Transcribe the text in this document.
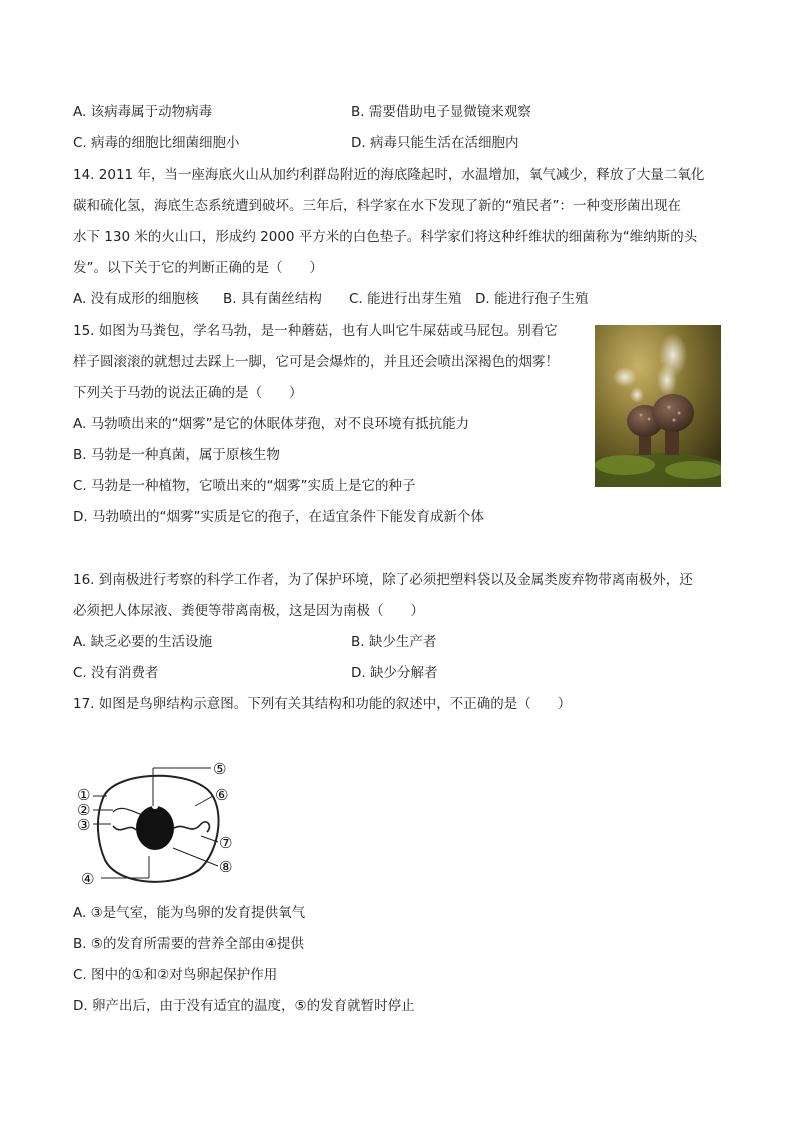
A. 该病毒属于动物病毒	B. 需要借助电子显微镜来观察
C. 病毒的细胞比细菌细胞小	D. 病毒只能生活在活细胞内
14. 2011 年，当一座海底火山从加约利群岛附近的海底隆起时，水温增加，氧气减少，释放了大量二氧化
碳和硫化氢，海底生态系统遭到破坏。三年后，科学家在水下发现了新的“殖民者”：一种变形菌出现在
水下 130 米的火山口，形成约 2000 平方米的白色垫子。科学家们将这种纤维状的细菌称为“维纳斯的头
发”。以下关于它的判断正确的是（　　）
A. 没有成形的细胞核 B. 具有菌丝结构 C. 能进行出芽生殖 D. 能进行孢子生殖
15. 如图为马粪包，学名马勃，是一种蘑菇，也有人叫它牛屎菇或马屁包。别看它
样子圆滚滚的就想过去踩上一脚，它可是会爆炸的，并且还会喷出深褐色的烟雾！
下列关于马勃的说法正确的是（　　）
A. 马勃喷出来的“烟雾”是它的休眠体芽孢，对不良环境有抵抗能力
B. 马勃是一种真菌，属于原核生物
C. 马勃是一种植物，它喷出来的“烟雾”实质上是它的种子
D. 马勃喷出的“烟雾”实质是它的孢子，在适宜条件下能发育成新个体
16. 到南极进行考察的科学工作者，为了保护环境，除了必须把塑料袋以及金属类废弃物带离南极外，还
必须把人体尿液、粪便等带离南极，这是因为南极（　　）
A. 缺乏必要的生活设施	B. 缺少生产者
C. 没有消费者	D. 缺少分解者
17. 如图是鸟卵结构示意图。下列有关其结构和功能的叙述中，不正确的是（　　）
①
②
③
④
⑤
⑥
⑦
⑧
A. ③是气室，能为鸟卵的发育提供氧气
B. ⑤的发育所需要的营养全部由④提供
C. 图中的①和②对鸟卵起保护作用
D. 卵产出后，由于没有适宜的温度，⑤的发育就暂时停止
